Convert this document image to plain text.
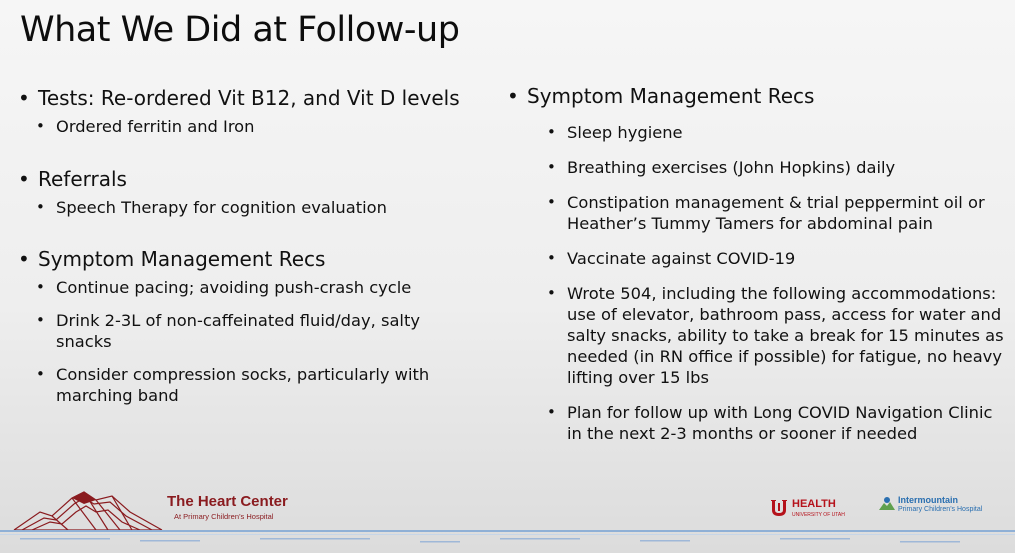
What We Did at Follow-up
• Tests: Re-ordered Vit B12, and Vit D levels
• Ordered ferritin and Iron
• Referrals
• Speech Therapy for cognition evaluation
• Symptom Management Recs
• Continue pacing; avoiding push-crash cycle
• Drink 2-3L of non-caffeinated fluid/day, salty snacks
• Consider compression socks, particularly with marching band
• Symptom Management Recs
• Sleep hygiene
• Breathing exercises (John Hopkins) daily
• Constipation management & trial peppermint oil or Heather’s Tummy Tamers for abdominal pain
• Vaccinate against COVID-19
• Wrote 504, including the following accommodations: use of elevator, bathroom pass, access for water and salty snacks, ability to take a break for 15 minutes as needed (in RN office if possible) for fatigue, no heavy lifting over 15 lbs
• Plan for follow up with Long COVID Navigation Clinic in the next 2-3 months or sooner if needed
The Heart Center
At Primary Children’s Hospital
HEALTH
UNIVERSITY OF UTAH
Intermountain
Primary Children’s Hospital
